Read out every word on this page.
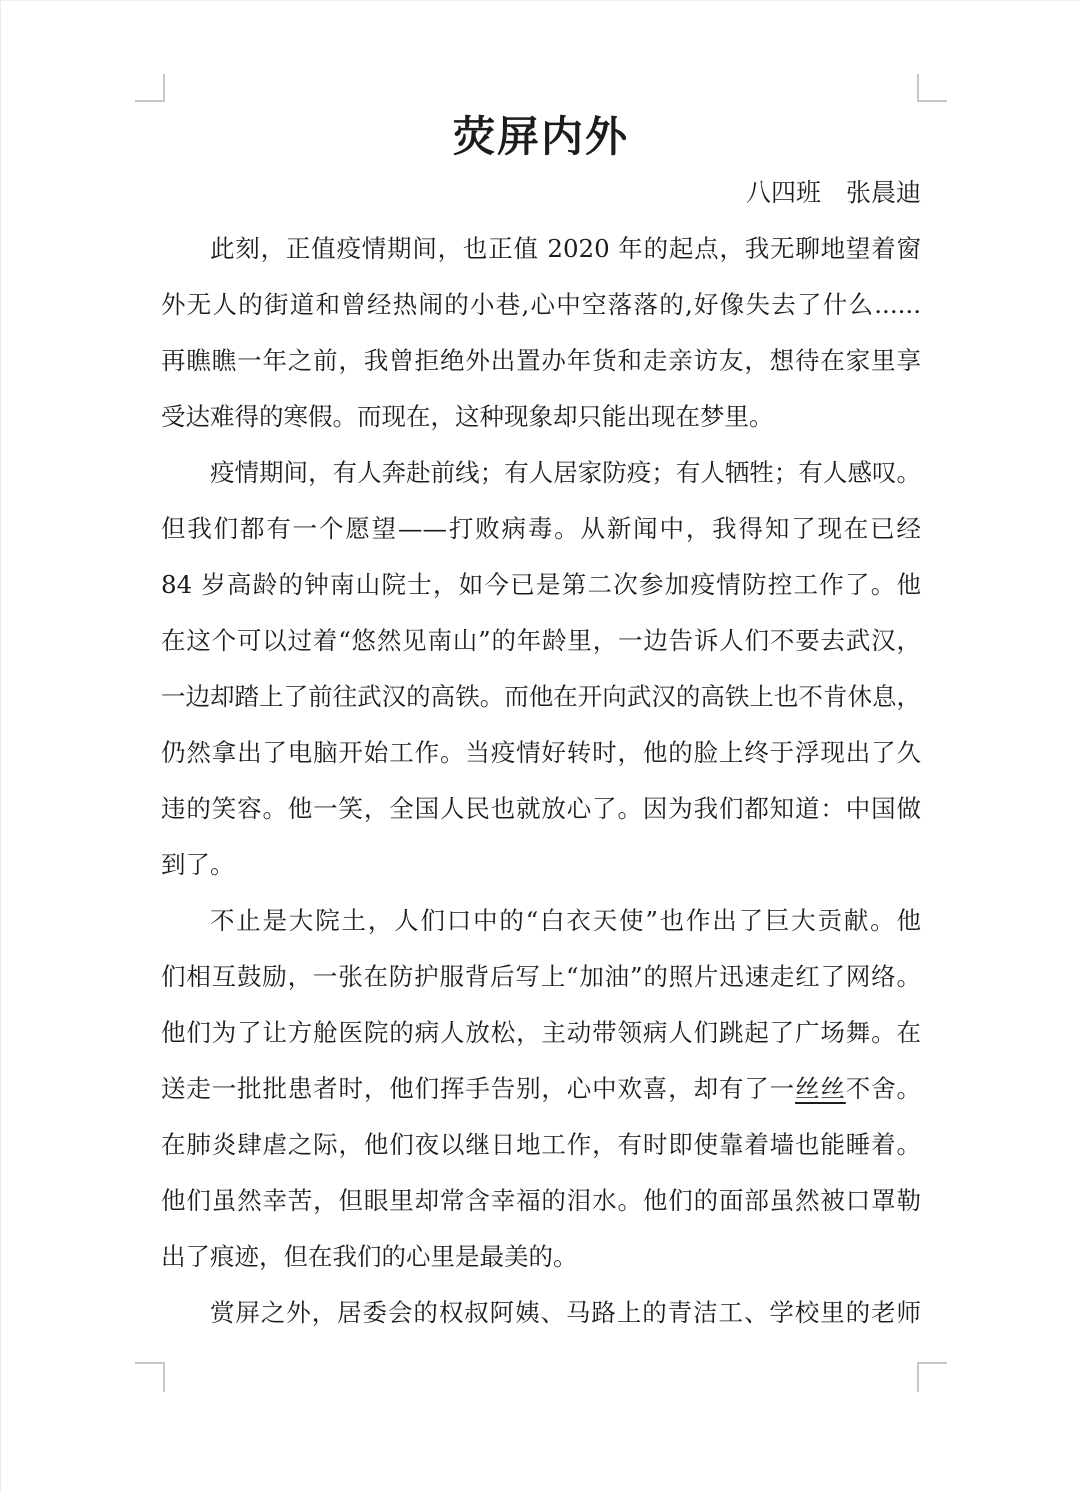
荧屏内外
八四班　张晨迪
此刻，正值疫情期间，也正值 2020 年的起点，我无聊地望着窗
外无人的街道和曾经热闹的小巷,心中空落落的,好像失去了什么......
再瞧瞧一年之前，我曾拒绝外出置办年货和走亲访友，想待在家里享
受达难得的寒假。而现在，这种现象却只能出现在梦里。
疫情期间，有人奔赴前线；有人居家防疫；有人牺牲；有人感叹。
但我们都有一个愿望——打败病毒。从新闻中，我得知了现在已经
84 岁高龄的钟南山院士，如今已是第二次参加疫情防控工作了。他
在这个可以过着“悠然见南山”的年龄里，一边告诉人们不要去武汉，
一边却踏上了前往武汉的高铁。而他在开向武汉的高铁上也不肯休息，
仍然拿出了电脑开始工作。当疫情好转时，他的脸上终于浮现出了久
违的笑容。他一笑，全国人民也就放心了。因为我们都知道：中国做
到了。
不止是大院土，人们口中的“白衣天使”也作出了巨大贡献。他
们相互鼓励，一张在防护服背后写上“加油”的照片迅速走红了网络。
他们为了让方舱医院的病人放松，主动带领病人们跳起了广场舞。在
送走一批批患者时，他们挥手告别，心中欢喜，却有了一丝丝不舍。
在肺炎肆虐之际，他们夜以继日地工作，有时即使靠着墙也能睡着。
他们虽然幸苦，但眼里却常含幸福的泪水。他们的面部虽然被口罩勒
出了痕迹，但在我们的心里是最美的。
赏屏之外，居委会的权叔阿姨、马路上的青洁工、学校里的老师
